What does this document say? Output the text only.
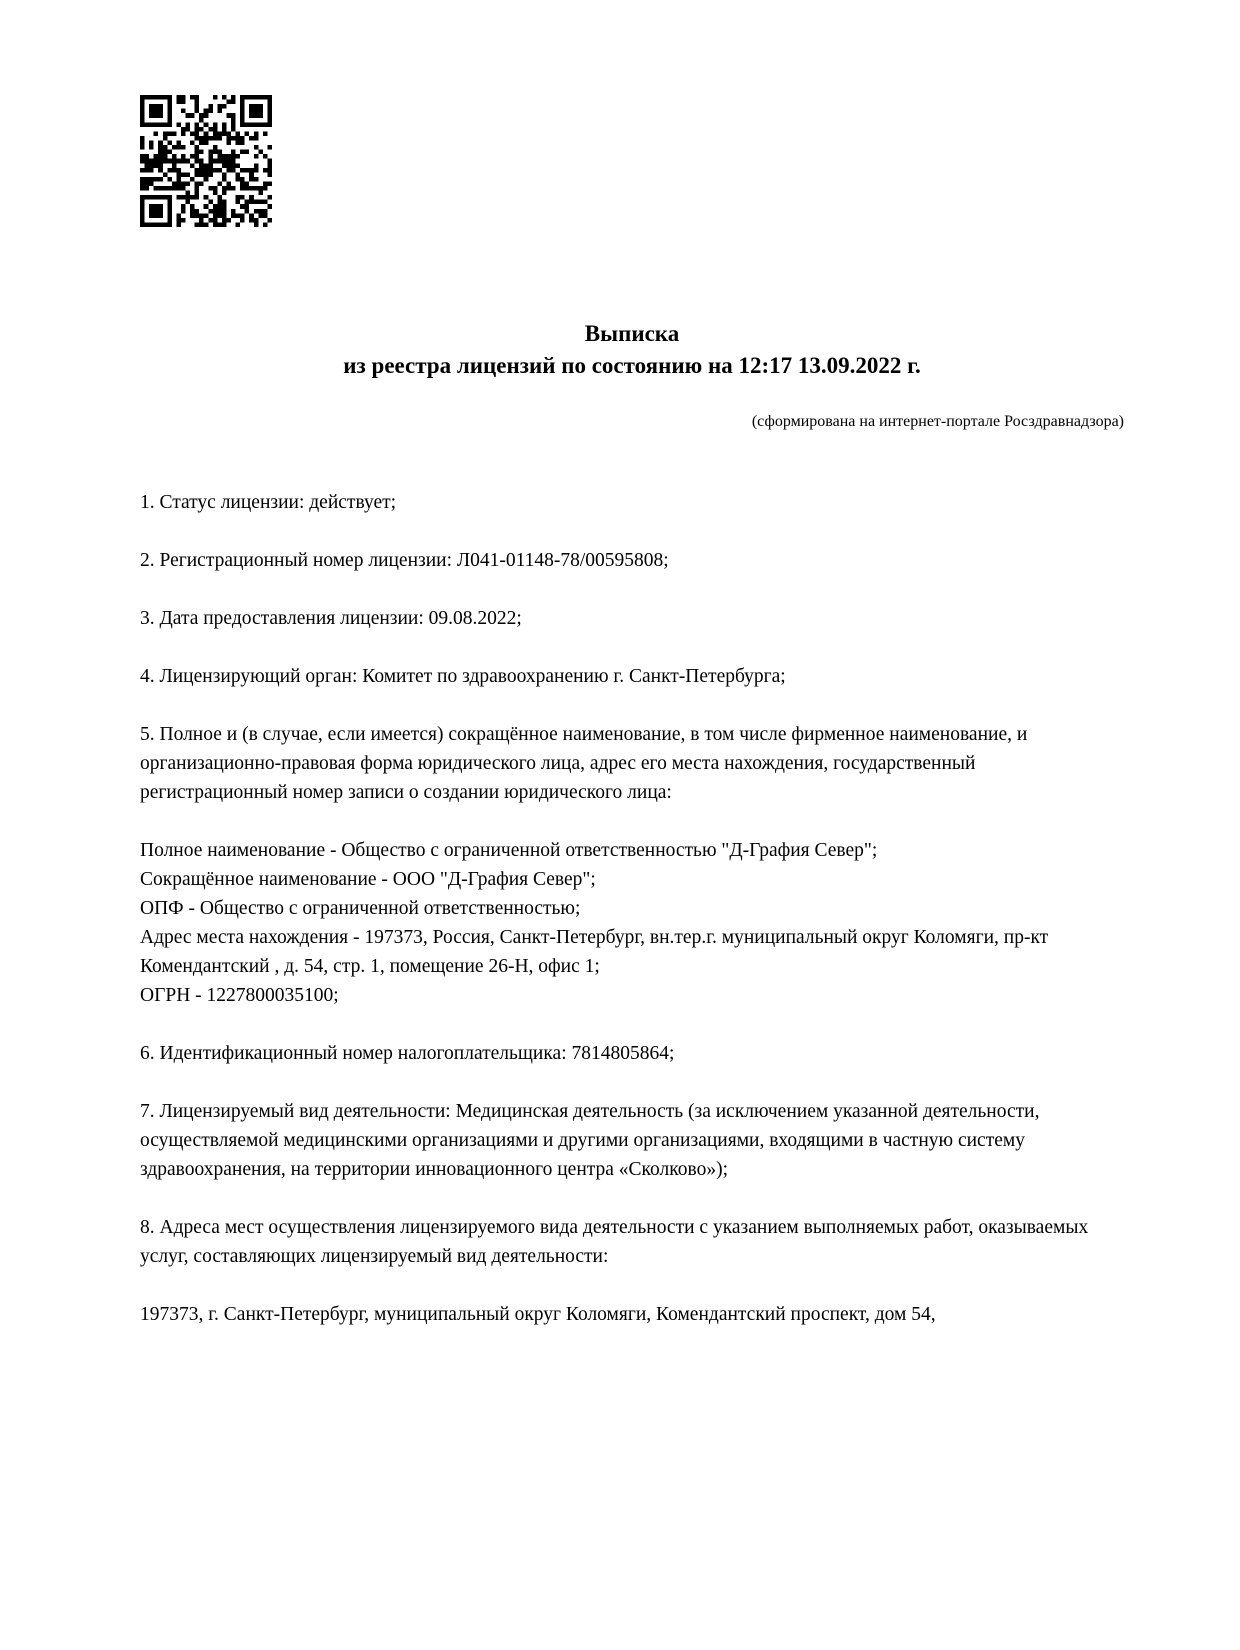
Выписка
из реестра лицензий по состоянию на 12:17 13.09.2022 г.
(сформирована на интернет-портале Росздравнадзора)

1. Статус лицензии: действует;

2. Регистрационный номер лицензии: Л041-01148-78/00595808;

3. Дата предоставления лицензии: 09.08.2022;

4. Лицензирующий орган: Комитет по здравоохранению г. Санкт-Петербурга;

5. Полное и (в случае, если имеется) сокращённое наименование, в том числе фирменное наименование, и организационно-правовая форма юридического лица, адрес его места нахождения, государственный регистрационный номер записи о создании юридического лица:

Полное наименование - Общество с ограниченной ответственностью "Д-Графия Север";

Сокращённое наименование - ООО "Д-Графия Север";

ОПФ - Общество с ограниченной ответственностью;

Адрес места нахождения - 197373, Россия, Санкт-Петербург, вн.тер.г. муниципальный округ Коломяги, пр-кт Комендантский , д. 54, стр. 1, помещение 26-Н, офис 1;

ОГРН - 1227800035100;

6. Идентификационный номер налогоплательщика: 7814805864;

7. Лицензируемый вид деятельности: Медицинская деятельность (за исключением указанной деятельности, осуществляемой медицинскими организациями и другими организациями, входящими в частную систему здравоохранения, на территории инновационного центра «Сколково»);

8. Адреса мест осуществления лицензируемого вида деятельности с указанием выполняемых работ, оказываемых услуг, составляющих лицензируемый вид деятельности:

197373, г. Санкт-Петербург, муниципальный округ Коломяги, Комендантский проспект, дом 54,
